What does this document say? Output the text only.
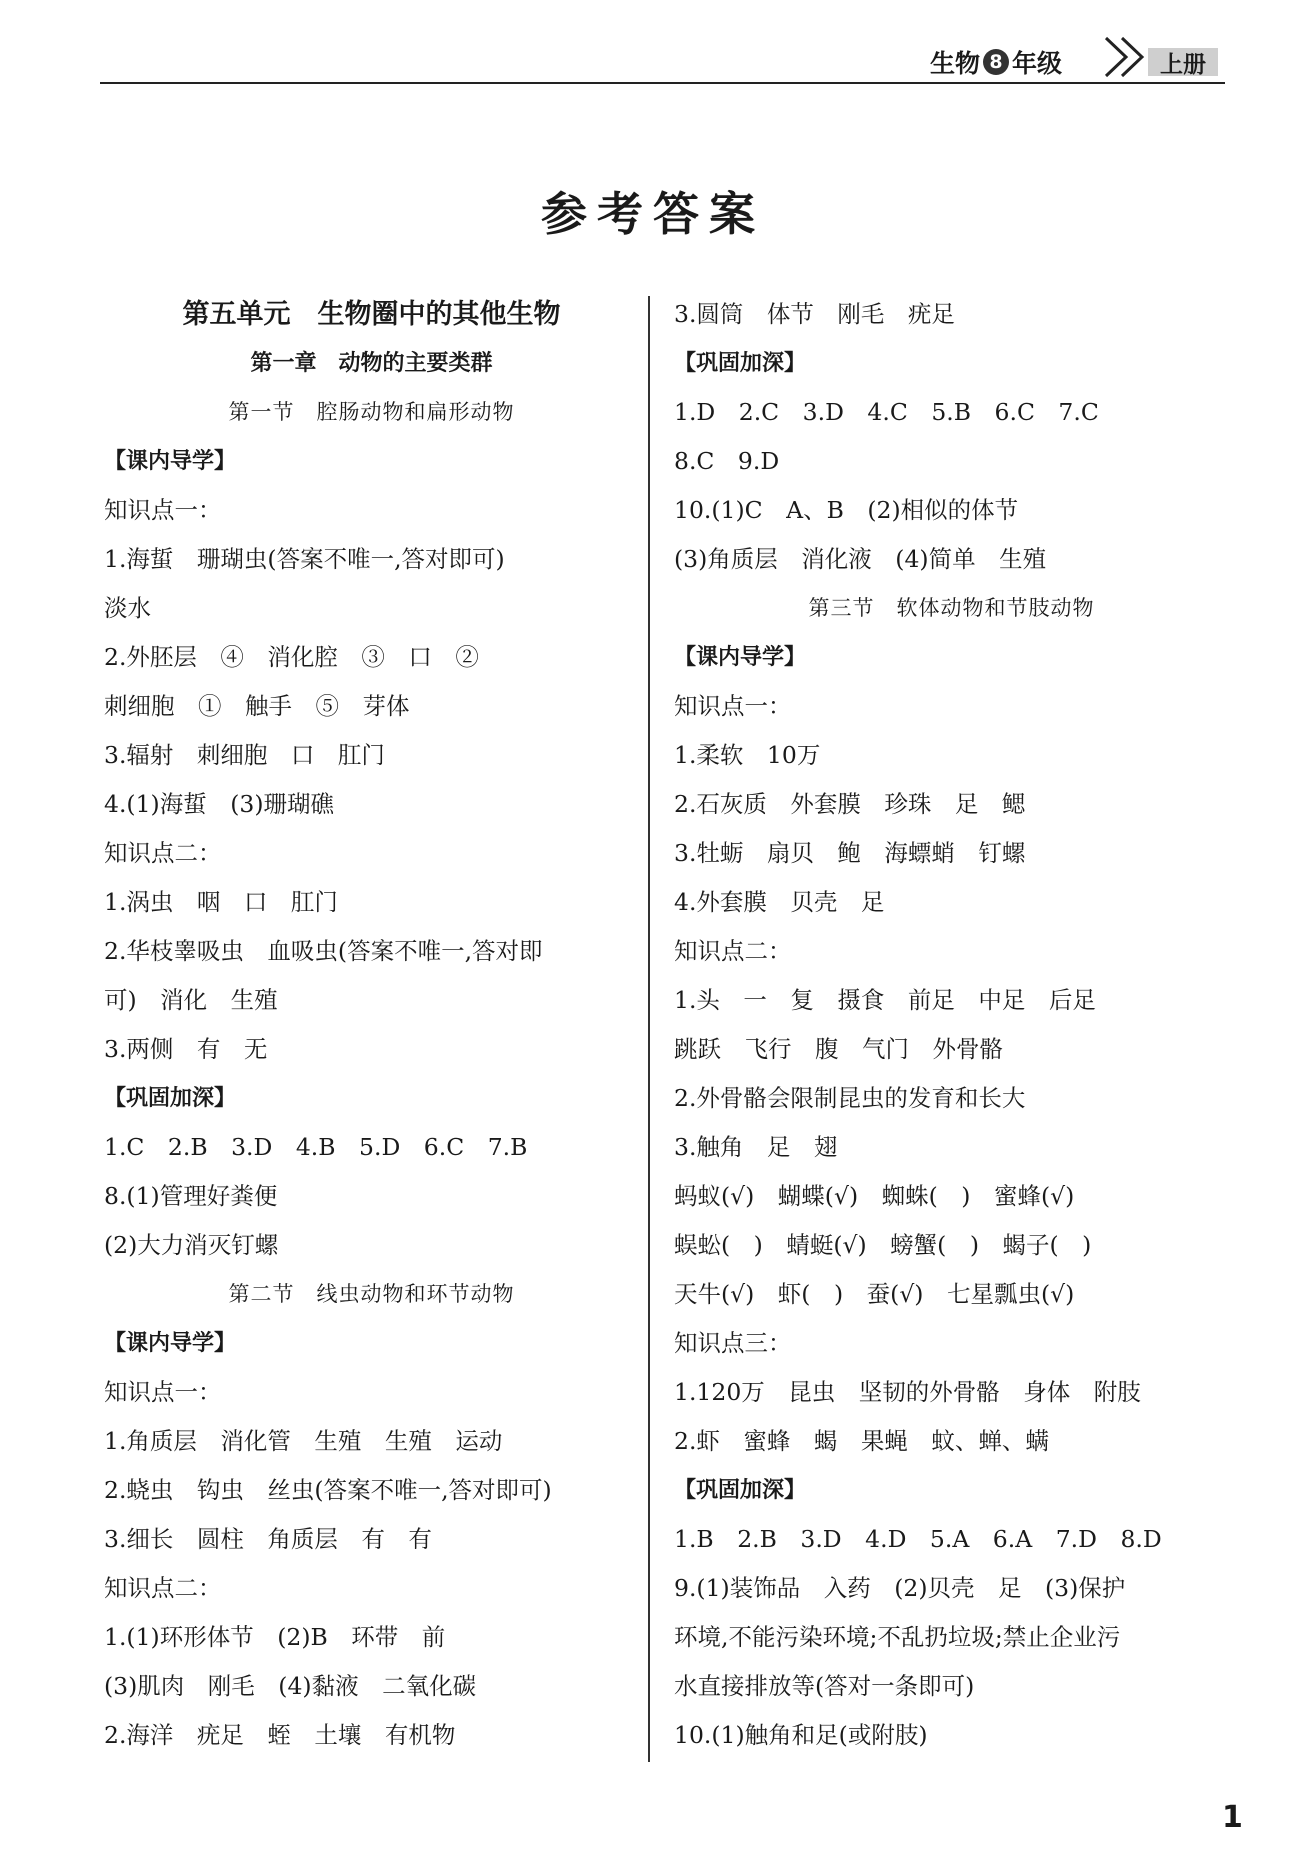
生物 8 年级	上册
参考答案
第五单元　生物圈中的其他生物
第一章　动物的主要类群
第一节　腔肠动物和扁形动物
【课内导学】
知识点一：
1.海蜇　珊瑚虫(答案不唯一,答对即可)
淡水
2.外胚层　④　消化腔　③　口　②
刺细胞　①　触手　⑤　芽体
3.辐射　刺细胞　口　肛门
4.(1)海蜇　(3)珊瑚礁
知识点二：
1.涡虫　咽　口　肛门
2.华枝睾吸虫　血吸虫(答案不唯一,答对即
可)　消化　生殖
3.两侧　有　无
【巩固加深】
1.C　2.B　3.D　4.B　5.D　6.C　7.B
8.(1)管理好粪便
(2)大力消灭钉螺
第二节　线虫动物和环节动物
【课内导学】
知识点一：
1.角质层　消化管　生殖　生殖　运动
2.蛲虫　钩虫　丝虫(答案不唯一,答对即可)
3.细长　圆柱　角质层　有　有
知识点二：
1.(1)环形体节　(2)B　环带　前
(3)肌肉　刚毛　(4)黏液　二氧化碳
2.海洋　疣足　蛭　土壤　有机物
3.圆筒　体节　刚毛　疣足
【巩固加深】
1.D　2.C　3.D　4.C　5.B　6.C　7.C
8.C　9.D
10.(1)C　A、B　(2)相似的体节
(3)角质层　消化液　(4)简单　生殖
第三节　软体动物和节肢动物
【课内导学】
知识点一：
1.柔软　10万
2.石灰质　外套膜　珍珠　足　鳃
3.牡蛎　扇贝　鲍　海螵蛸　钉螺
4.外套膜　贝壳　足
知识点二：
1.头　一　复　摄食　前足　中足　后足
跳跃　飞行　腹　气门　外骨骼
2.外骨骼会限制昆虫的发育和长大
3.触角　足　翅
蚂蚁(√)　蝴蝶(√)　蜘蛛(　)　蜜蜂(√)
蜈蚣(　)　蜻蜓(√)　螃蟹(　)　蝎子(　)
天牛(√)　虾(　)　蚕(√)　七星瓢虫(√)
知识点三：
1.120万　昆虫　坚韧的外骨骼　身体　附肢
2.虾　蜜蜂　蝎　果蝇　蚊、蝉、螨
【巩固加深】
1.B　2.B　3.D　4.D　5.A　6.A　7.D　8.D
9.(1)装饰品　入药　(2)贝壳　足　(3)保护
环境,不能污染环境;不乱扔垃圾;禁止企业污
水直接排放等(答对一条即可)
10.(1)触角和足(或附肢)
1
